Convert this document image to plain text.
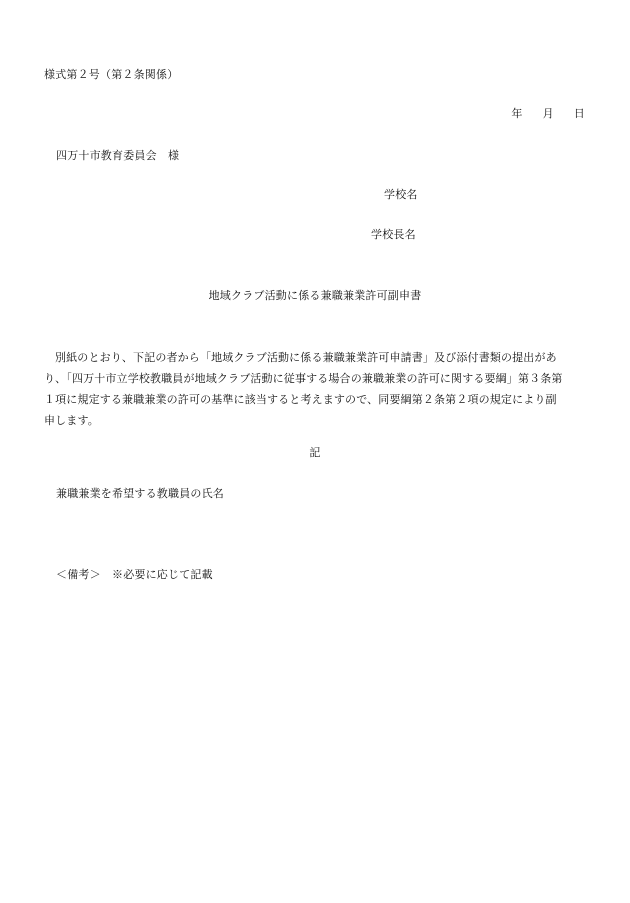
様式第２号（第２条関係）
年 月 日
四万十市教育委員会　様
学校名
学校長名
地域クラブ活動に係る兼職兼業許可副申書
別紙のとおり、下記の者から「地域クラブ活動に係る兼職兼業許可申請書」及び添付書類の提出があ
り、「四万十市立学校教職員が地域クラブ活動に従事する場合の兼職兼業の許可に関する要綱」第３条第
１項に規定する兼職兼業の許可の基準に該当すると考えますので、同要綱第２条第２項の規定により副
申します。
記
兼職兼業を希望する教職員の氏名
＜備考＞　※必要に応じて記載
